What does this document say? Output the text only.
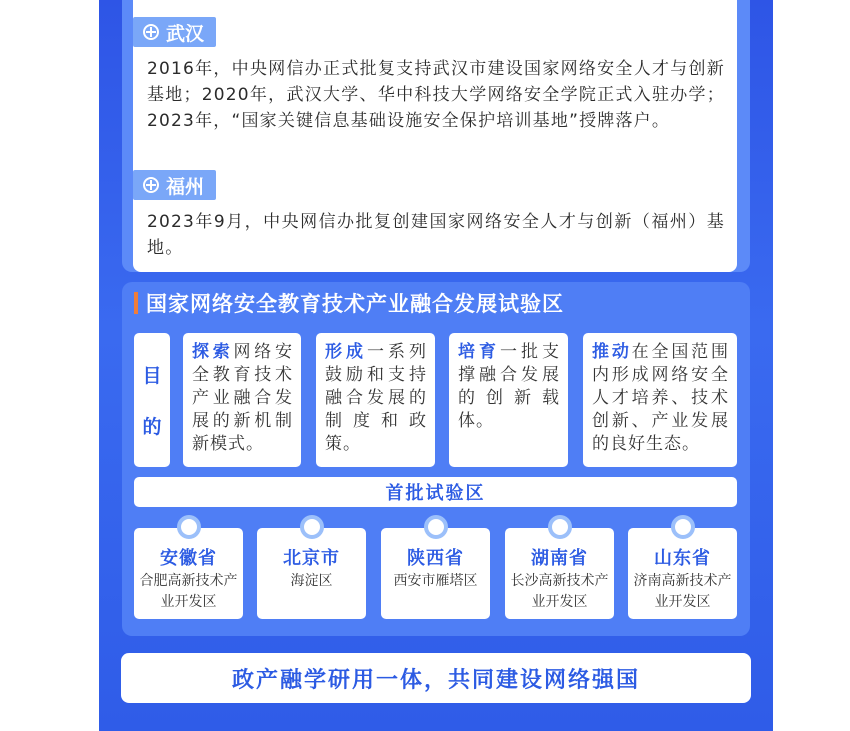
武汉
2016年，中央网信办正式批复支持武汉市建设国家网络安全人才与创新基地；2020年，武汉大学、华中科技大学网络安全学院正式入驻办学；2023年，“国家关键信息基础设施安全保护培训基地”授牌落户。
福州
2023年9月，中央网信办批复创建国家网络安全人才与创新（福州）基地。
国家网络安全教育技术产业融合发展试验区
目
的
探索网络安全教育技术产业融合发展的新机制新模式。
形成一系列鼓励和支持融合发展的制度和政策。
培育一批支撑融合发展的创新载体。
推动在全国范围内形成网络安全人才培养、技术创新、产业发展的良好生态。
首批试验区
安徽省
合肥高新技术产业开发区
北京市
海淀区
陕西省
西安市雁塔区
湖南省
长沙高新技术产业开发区
山东省
济南高新技术产业开发区
政产融学研用一体，共同建设网络强国
